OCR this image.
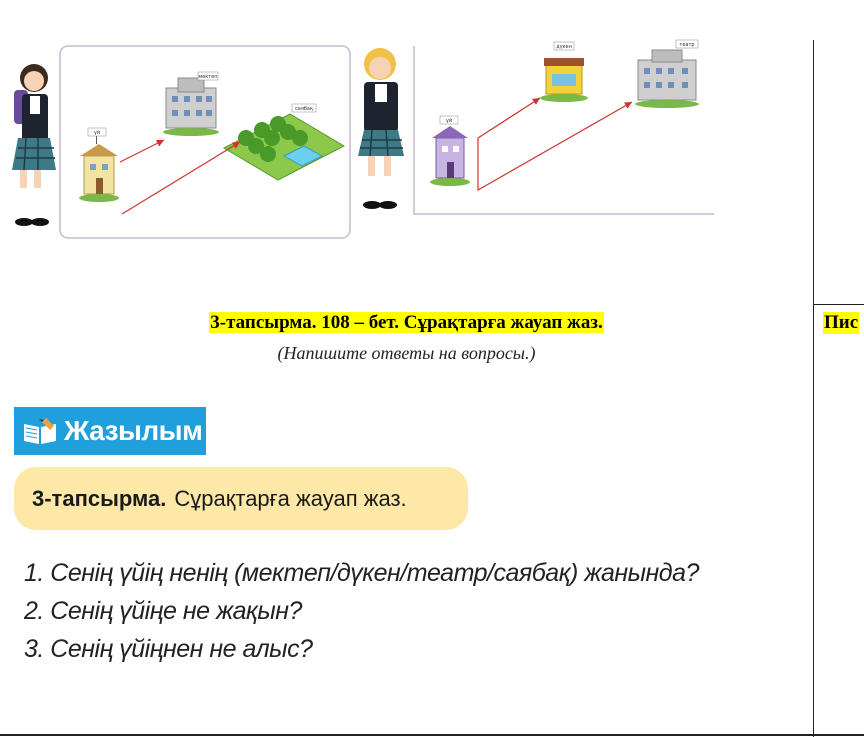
үй
мектеп
саябақ
үй
дүкен	театр
3-тапсырма. 108 – бет. Сұрақтарға жауап жаз.
(Напишите ответы на вопросы.)
Пис
Жазылым
3-тапсырма. Сұрақтарға жауап жаз.
1. Сенің үйің ненің (мектеп/дүкен/театр/саябақ) жанында?
2. Сенің үйіңе не жақын?
3. Сенің үйіңнен не алыс?
